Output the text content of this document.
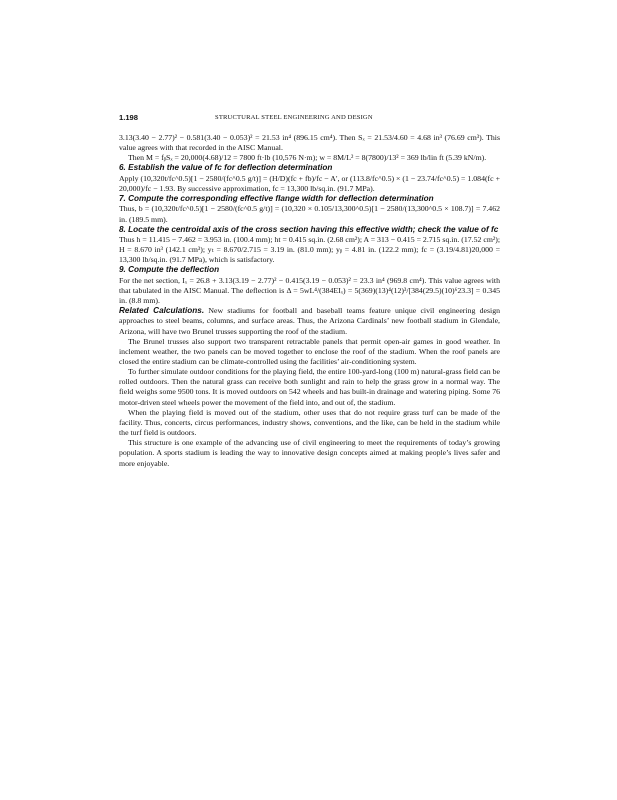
1.198	STRUCTURAL STEEL ENGINEERING AND DESIGN

3.13(3.40 − 2.77)² − 0.581(3.40 − 0.053)² = 21.53 in⁴ (896.15 cm⁴). Then Sₓ = 21.53/4.60 = 4.68 in³ (76.69 cm³). This value agrees with that recorded in the AISC Manual.

Then M = fᵦSₓ = 20,000(4.68)/12 = 7800 ft·lb (10,576 N·m); w = 8M/L² = 8(7800)/13² = 369 lb/lin ft (5.39 kN/m).

6. Establish the value of fc for deflection determination

Apply (10,320t/fc^0.5)[1 − 2580/(fc^0.5 g/t)] = (H/D)(fc + fb)/fc − A′, or (113.8/fc^0.5) × (1 − 23.74/fc^0.5) = 1.084(fc + 20,000)/fc − 1.93. By successive approximation, fc = 13,300 lb/sq.in. (91.7 MPa).

7. Compute the corresponding effective flange width for deflection determination

Thus, b = (10,320t/fc^0.5)[1 − 2580/(fc^0.5 g/t)] = (10,320 × 0.105/13,300^0.5)[1 − 2580/(13,300^0.5 × 108.7)] = 7.462 in. (189.5 mm).

8. Locate the centroidal axis of the cross section having this effective width; check the value of fc

Thus h = 11.415 − 7.462 = 3.953 in. (100.4 mm); ht = 0.415 sq.in. (2.68 cm²); A = 313 − 0.415 = 2.715 sq.in. (17.52 cm²); H = 8.670 in³ (142.1 cm³); yₜ = 8.670/2.715 = 3.19 in. (81.0 mm); yᵦ = 4.81 in. (122.2 mm); fc = (3.19/4.81)20,000 = 13,300 lb/sq.in. (91.7 MPa), which is satisfactory.

9. Compute the deflection

For the net section, Iₓ = 26.8 + 3.13(3.19 − 2.77)² − 0.415(3.19 − 0.053)² = 23.3 in⁴ (969.8 cm⁴). This value agrees with that tabulated in the AISC Manual. The deflection is Δ = 5wL⁴/(384EIₓ) = 5(369)(13)⁴(12)³/[384(29.5)(10)⁶23.3] = 0.345 in. (8.8 mm).

Related Calculations. New stadiums for football and baseball teams feature unique civil engineering design approaches to steel beams, columns, and surface areas. Thus, the Arizona Cardinals’ new football stadium in Glendale, Arizona, will have two Brunel trusses supporting the roof of the stadium.

The Brunel trusses also support two transparent retractable panels that permit open-air games in good weather. In inclement weather, the two panels can be moved together to enclose the roof of the stadium. When the roof panels are closed the entire stadium can be climate-controlled using the facilities’ air-conditioning system.

To further simulate outdoor conditions for the playing field, the entire 100-yard-long (100 m) natural-grass field can be rolled outdoors. Then the natural grass can receive both sunlight and rain to help the grass grow in a normal way. The field weighs some 9500 tons. It is moved outdoors on 542 wheels and has built-in drainage and watering piping. Some 76 motor-driven steel wheels power the movement of the field into, and out of, the stadium.

When the playing field is moved out of the stadium, other uses that do not require grass turf can be made of the facility. Thus, concerts, circus performances, industry shows, conventions, and the like, can be held in the stadium while the turf field is outdoors.

This structure is one example of the advancing use of civil engineering to meet the requirements of today’s growing population. A sports stadium is leading the way to innovative design concepts aimed at making people’s lives safer and more enjoyable.
